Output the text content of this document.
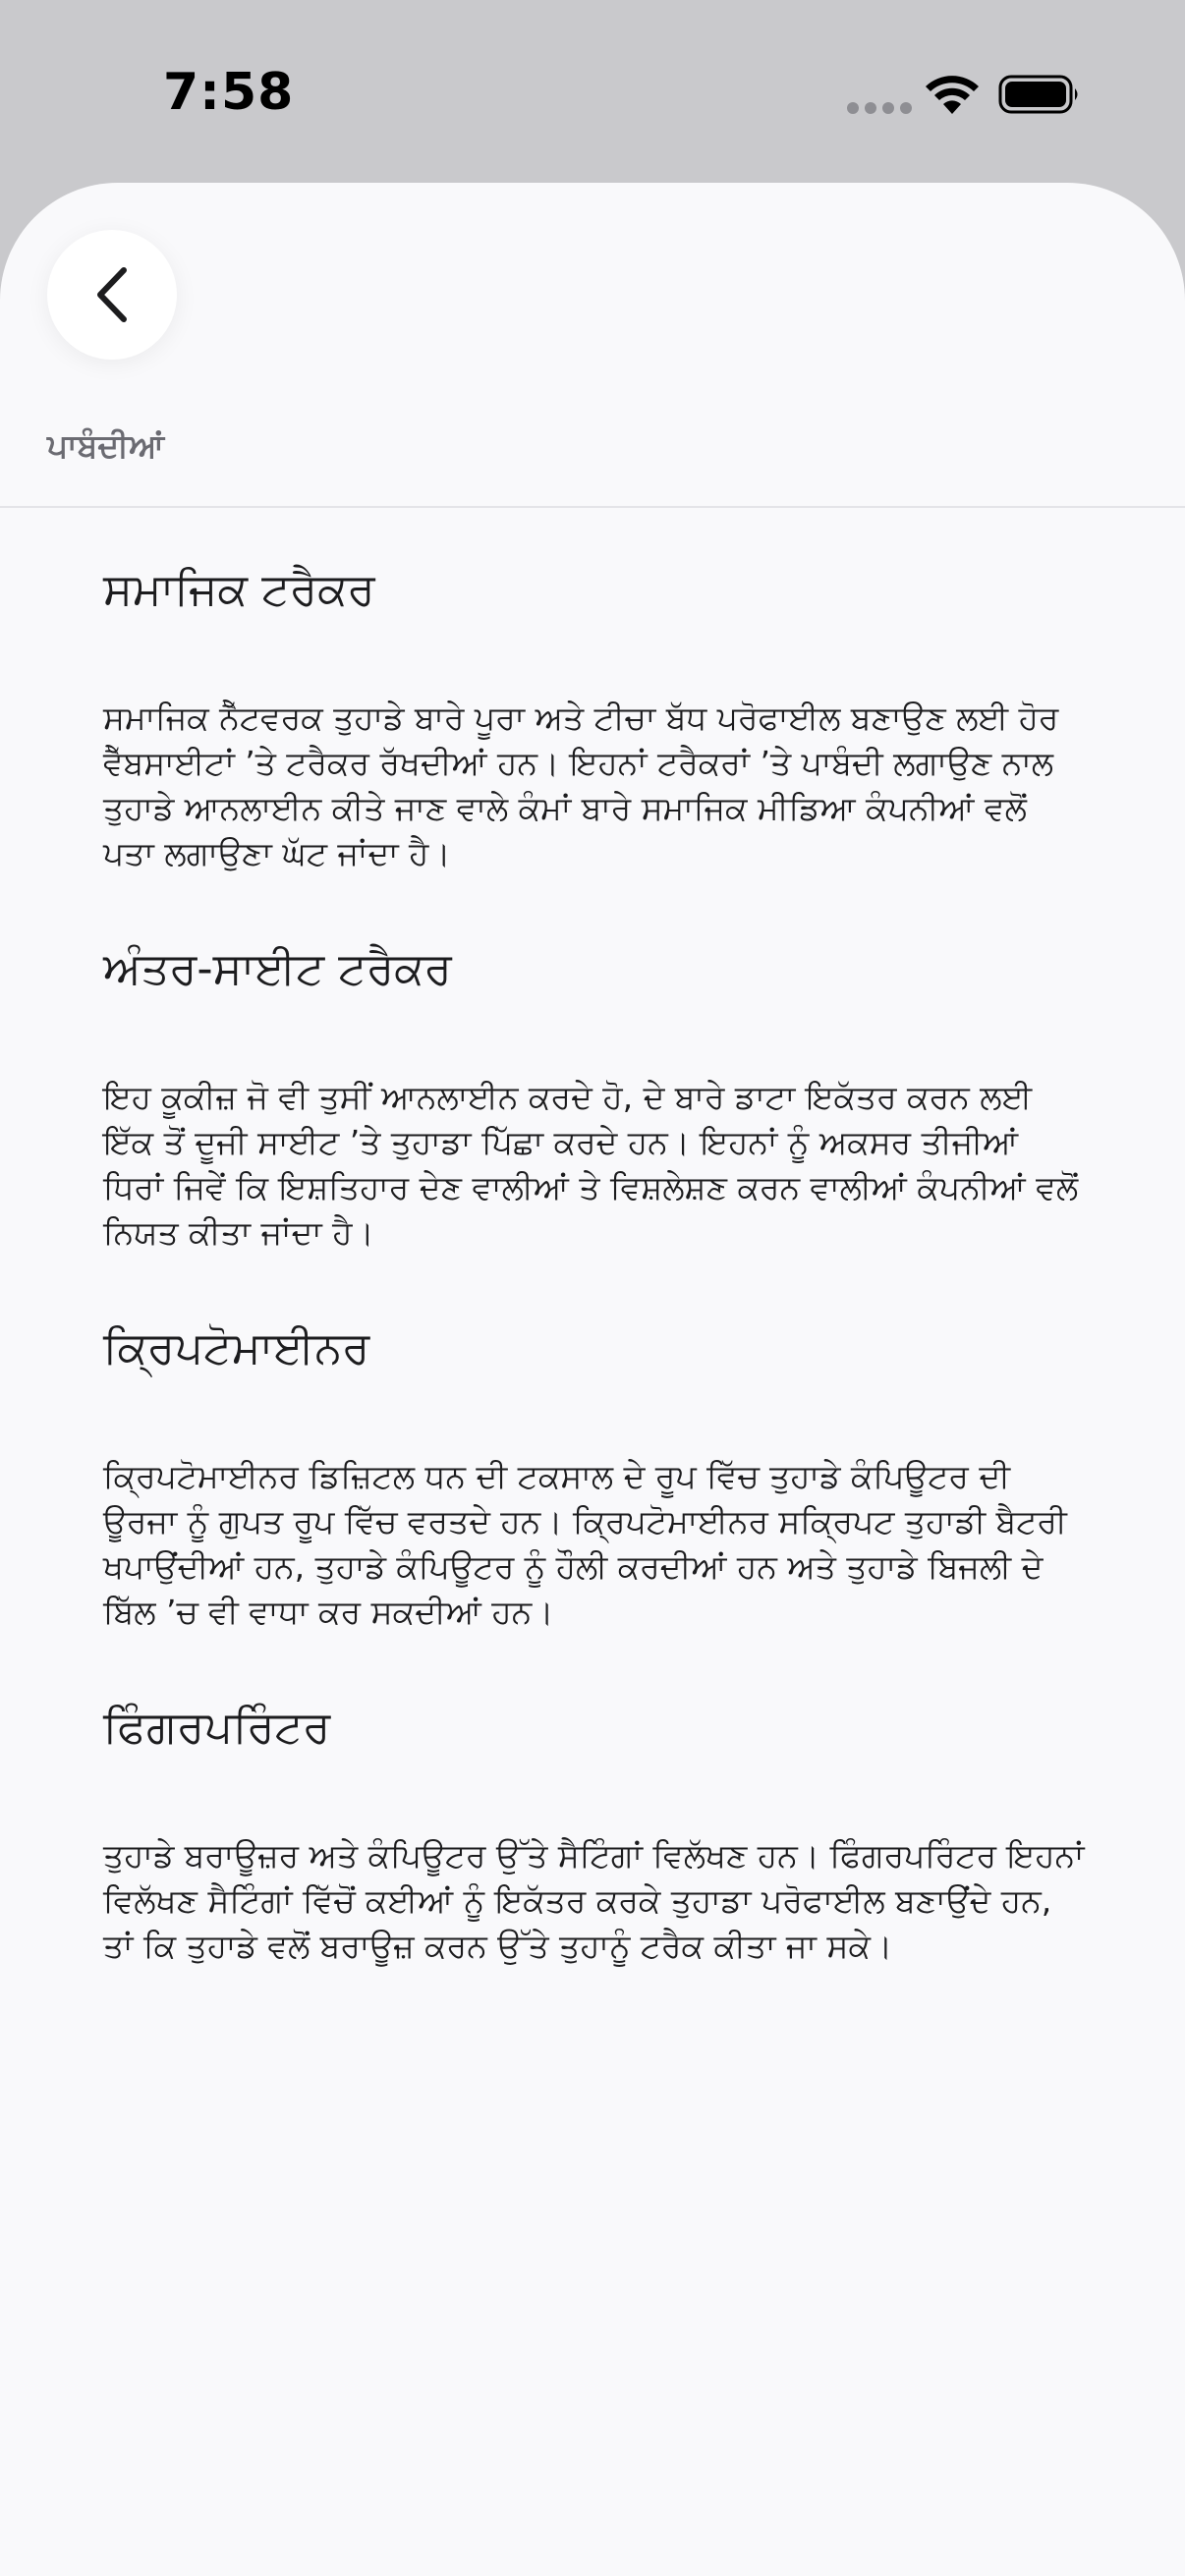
7:58
ਪਾਬੰਦੀਆਂ
ਸਮਾਜਿਕ ਟਰੈਕਰ

ਸਮਾਜਿਕ ਨੈੱਟਵਰਕ ਤੁਹਾਡੇ ਬਾਰੇ ਪੂਰਾ ਅਤੇ ਟੀਚਾ ਬੱਧ ਪਰੋਫਾਈਲ ਬਣਾਉਣ ਲਈ ਹੋਰ ਵੈੱਬਸਾਈਟਾਂ ’ਤੇ ਟਰੈਕਰ ਰੱਖਦੀਆਂ ਹਨ। ਇਹਨਾਂ ਟਰੈਕਰਾਂ ’ਤੇ ਪਾਬੰਦੀ ਲਗਾਉਣ ਨਾਲ ਤੁਹਾਡੇ ਆਨਲਾਈਨ ਕੀਤੇ ਜਾਣ ਵਾਲੇ ਕੰਮਾਂ ਬਾਰੇ ਸਮਾਜਿਕ ਮੀਡਿਆ ਕੰਪਨੀਆਂ ਵਲੋਂ ਪਤਾ ਲਗਾਉਣਾ ਘੱਟ ਜਾਂਦਾ ਹੈ।

ਅੰਤਰ-ਸਾਈਟ ਟਰੈਕਰ

ਇਹ ਕੂਕੀਜ਼ ਜੋ ਵੀ ਤੁਸੀਂ ਆਨਲਾਈਨ ਕਰਦੇ ਹੋ, ਦੇ ਬਾਰੇ ਡਾਟਾ ਇਕੱਤਰ ਕਰਨ ਲਈ ਇੱਕ ਤੋਂ ਦੂਜੀ ਸਾਈਟ ’ਤੇ ਤੁਹਾਡਾ ਪਿੱਛਾ ਕਰਦੇ ਹਨ। ਇਹਨਾਂ ਨੂੰ ਅਕਸਰ ਤੀਜੀਆਂ ਧਿਰਾਂ ਜਿਵੇਂ ਕਿ ਇਸ਼ਤਿਹਾਰ ਦੇਣ ਵਾਲੀਆਂ ਤੇ ਵਿਸ਼ਲੇਸ਼ਣ ਕਰਨ ਵਾਲੀਆਂ ਕੰਪਨੀਆਂ ਵਲੋਂ ਨਿਯਤ ਕੀਤਾ ਜਾਂਦਾ ਹੈ।

ਕ੍ਰਿਪਟੋਮਾਈਨਰ

ਕ੍ਰਿਪਟੋਮਾਈਨਰ ਡਿਜ਼ਿਟਲ ਧਨ ਦੀ ਟਕਸਾਲ ਦੇ ਰੂਪ ਵਿੱਚ ਤੁਹਾਡੇ ਕੰਪਿਊਟਰ ਦੀ ਊਰਜਾ ਨੂੰ ਗੁਪਤ ਰੂਪ ਵਿੱਚ ਵਰਤਦੇ ਹਨ। ਕ੍ਰਿਪਟੋਮਾਈਨਰ ਸਕ੍ਰਿਪਟ ਤੁਹਾਡੀ ਬੈਟਰੀ ਖਪਾਉਂਦੀਆਂ ਹਨ, ਤੁਹਾਡੇ ਕੰਪਿਊਟਰ ਨੂੰ ਹੌਲੀ ਕਰਦੀਆਂ ਹਨ ਅਤੇ ਤੁਹਾਡੇ ਬਿਜਲੀ ਦੇ ਬਿੱਲ ’ਚ ਵੀ ਵਾਧਾ ਕਰ ਸਕਦੀਆਂ ਹਨ।

ਫਿੰਗਰਪਰਿੰਟਰ

ਤੁਹਾਡੇ ਬਰਾਊਜ਼ਰ ਅਤੇ ਕੰਪਿਊਟਰ ਉੱਤੇ ਸੈਟਿੰਗਾਂ ਵਿਲੱਖਣ ਹਨ। ਫਿੰਗਰਪਰਿੰਟਰ ਇਹਨਾਂ ਵਿਲੱਖਣ ਸੈਟਿੰਗਾਂ ਵਿੱਚੋਂ ਕਈਆਂ ਨੂੰ ਇਕੱਤਰ ਕਰਕੇ ਤੁਹਾਡਾ ਪਰੋਫਾਈਲ ਬਣਾਉਂਦੇ ਹਨ, ਤਾਂ ਕਿ ਤੁਹਾਡੇ ਵਲੋਂ ਬਰਾਊਜ਼ ਕਰਨ ਉੱਤੇ ਤੁਹਾਨੂੰ ਟਰੈਕ ਕੀਤਾ ਜਾ ਸਕੇ।
